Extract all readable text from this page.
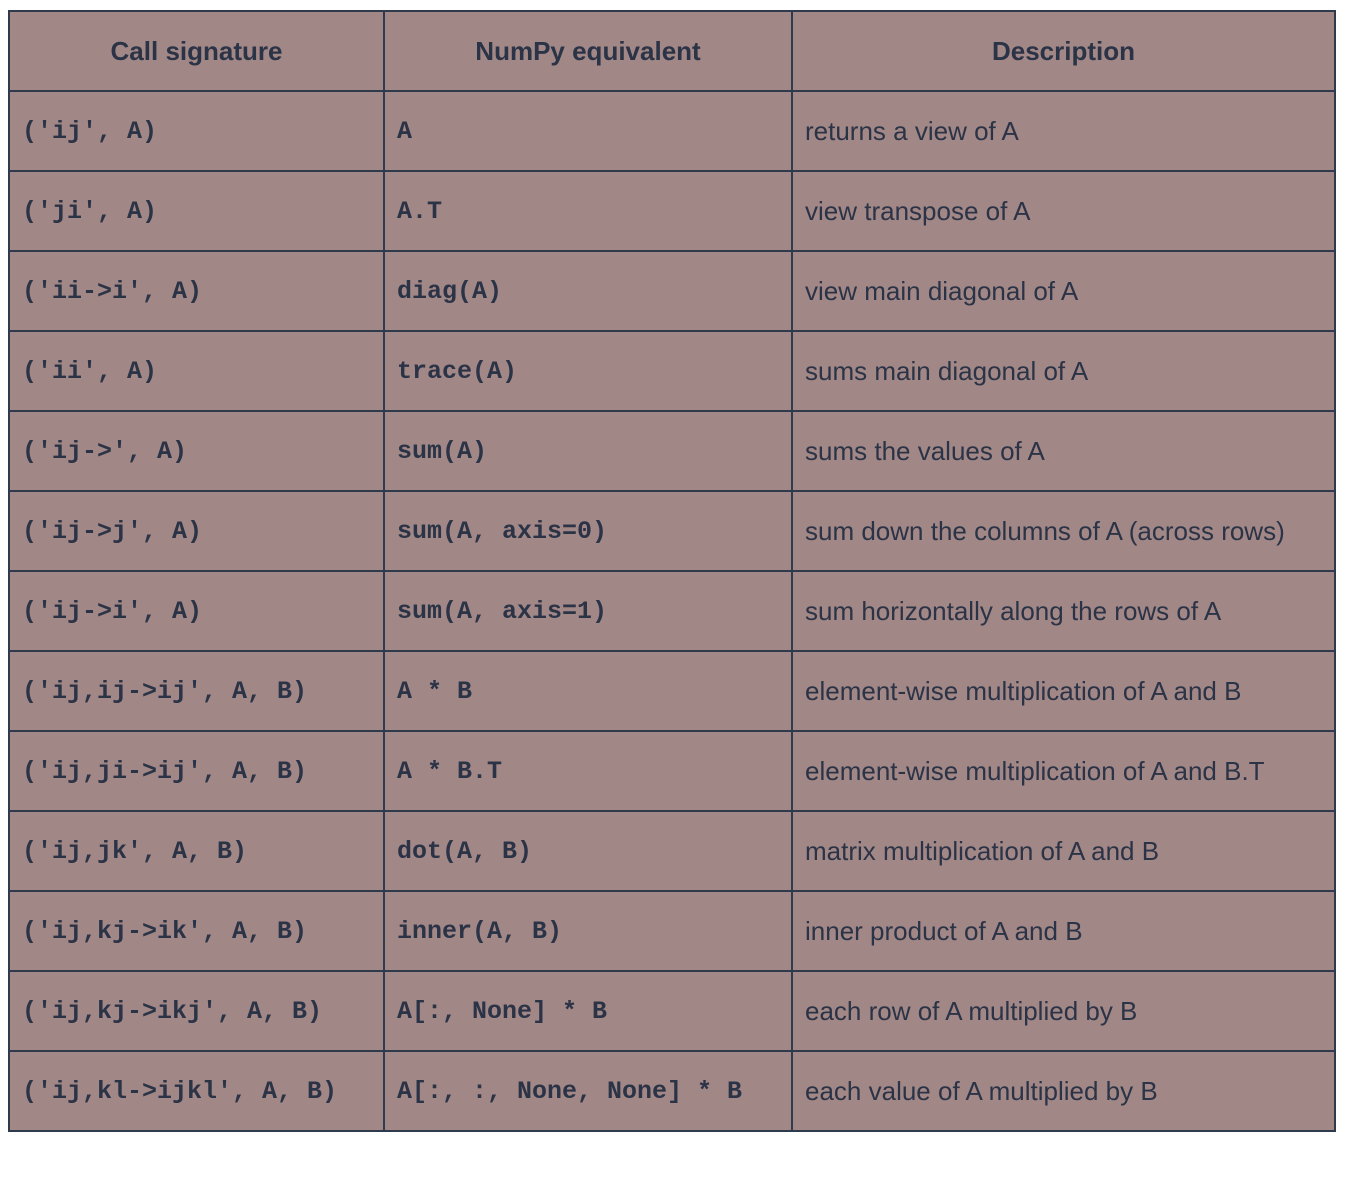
Call signature	NumPy equivalent	Description
('ij', A)	A	returns a view of A
('ji', A)	A.T	view transpose of A
('ii->i', A)	diag(A)	view main diagonal of A
('ii', A)	trace(A)	sums main diagonal of A
('ij->', A)	sum(A)	sums the values of A
('ij->j', A)	sum(A, axis=0)	sum down the columns of A (across rows)
('ij->i', A)	sum(A, axis=1)	sum horizontally along the rows of A
('ij,ij->ij', A, B)	A * B	element-wise multiplication of A and B
('ij,ji->ij', A, B)	A * B.T	element-wise multiplication of A and B.T
('ij,jk', A, B)	dot(A, B)	matrix multiplication of A and B
('ij,kj->ik', A, B)	inner(A, B)	inner product of A and B
('ij,kj->ikj', A, B)	A[:, None] * B	each row of A multiplied by B
('ij,kl->ijkl', A, B)	A[:, :, None, None] * B	each value of A multiplied by B
